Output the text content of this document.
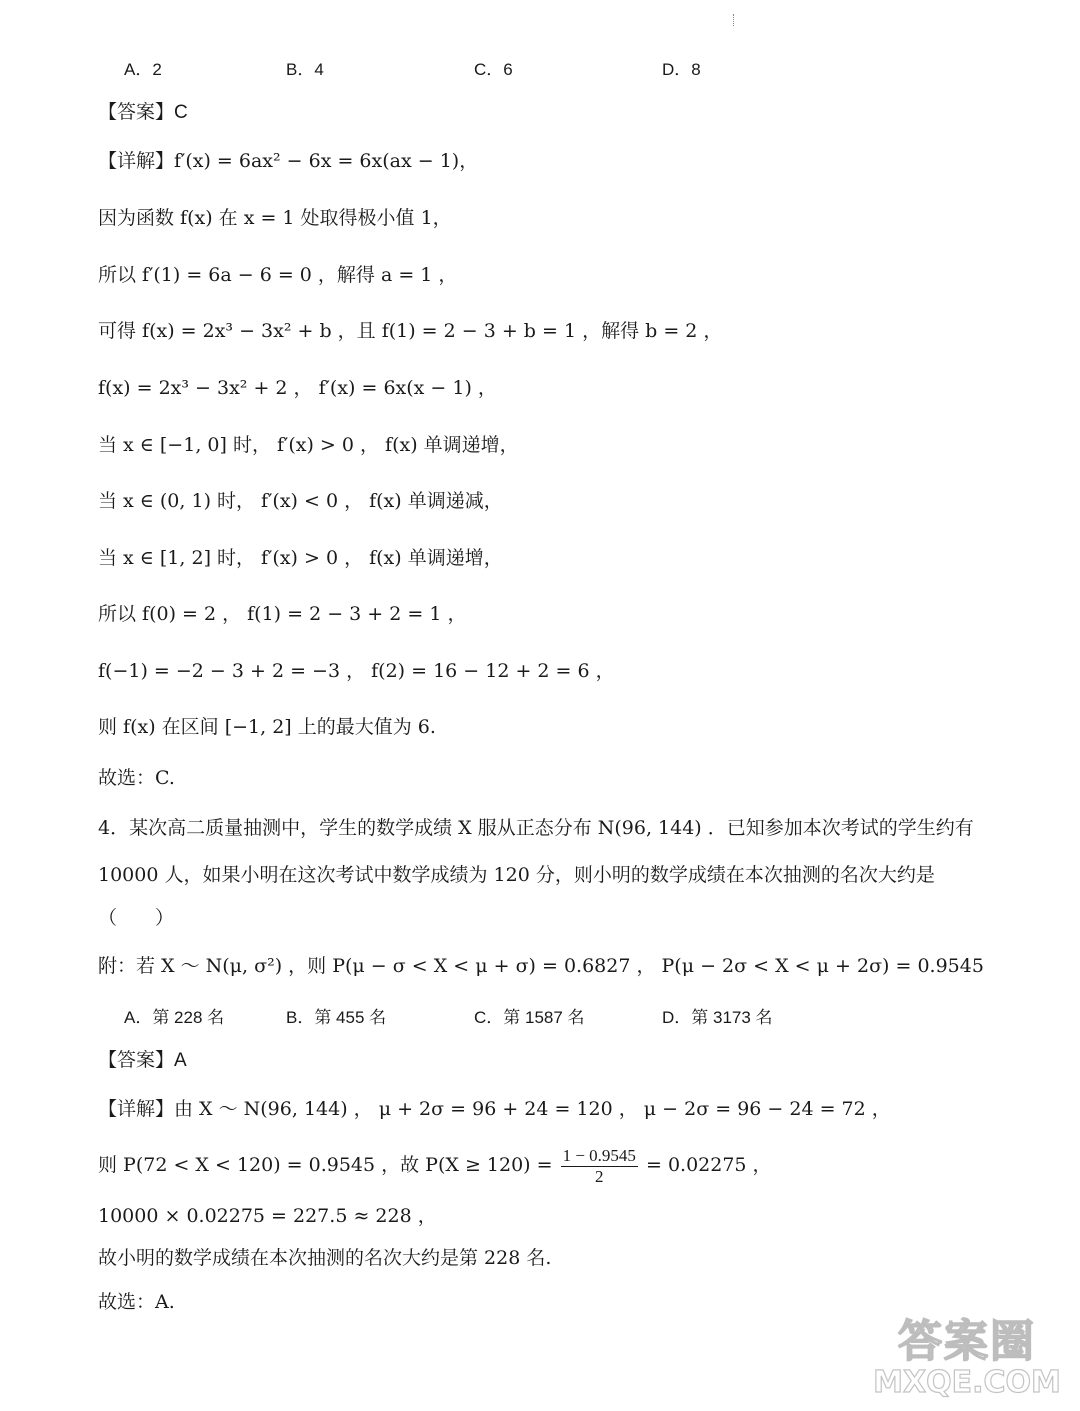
A．2	B．4	C．6	D．8
【答案】C
【详解】f′(x) = 6ax² − 6x = 6x(ax − 1)，
因为函数 f(x) 在 x = 1 处取得极小值 1，
所以 f′(1) = 6a − 6 = 0 ，解得 a = 1 ，
可得 f(x) = 2x³ − 3x² + b ，且 f(1) = 2 − 3 + b = 1 ，解得 b = 2 ，
f(x) = 2x³ − 3x² + 2 ， f′(x) = 6x(x − 1) ，
当 x ∈ [−1, 0] 时， f′(x) > 0 ， f(x) 单调递增，
当 x ∈ (0, 1) 时， f′(x) < 0 ， f(x) 单调递减，
当 x ∈ [1, 2] 时， f′(x) > 0 ， f(x) 单调递增，
所以 f(0) = 2 ， f(1) = 2 − 3 + 2 = 1 ，
f(−1) = −2 − 3 + 2 = −3 ， f(2) = 16 − 12 + 2 = 6 ，
则 f(x) 在区间 [−1, 2] 上的最大值为 6.
故选：C.
4．某次高二质量抽测中，学生的数学成绩 X 服从正态分布 N(96, 144) ．已知参加本次考试的学生约有
10000 人，如果小明在这次考试中数学成绩为 120 分，则小明的数学成绩在本次抽测的名次大约是
（　　）
附：若 X ～ N(μ, σ²) ，则 P(μ − σ < X < μ + σ) = 0.6827 ， P(μ − 2σ < X < μ + 2σ) = 0.9545
A．第 228 名	B．第 455 名	C．第 1587 名	D．第 3173 名
【答案】A
【详解】由 X ～ N(96, 144) ， μ + 2σ = 96 + 24 = 120 ， μ − 2σ = 96 − 24 = 72 ，
则 P(72 < X < 120) = 0.9545 ，故 $P(X \ge 120) = \frac{1 - 0.9545}{2} = 0.02275$ ，
10000 × 0.02275 = 227.5 ≈ 228 ，
故小明的数学成绩在本次抽测的名次大约是第 228 名.
故选：A.
答案圈
MXQE.COM
